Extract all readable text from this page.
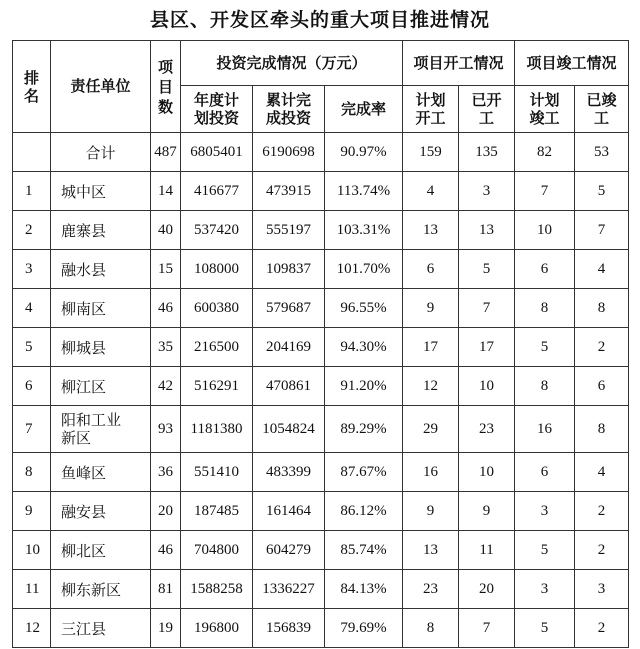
县区、开发区牵头的重大项目推进情况
排名	责任单位	项目数	投资完成情况（万元）			项目开工情况		项目竣工情况	
			年度计划投资	累计完成投资	完成率	计划开工	已开工	计划竣工	已竣工
	合计	487	6805401	6190698	90.97%	159	135	82	53
1	城中区	14	416677	473915	113.74%	4	3	7	5
2	鹿寨县	40	537420	555197	103.31%	13	13	10	7
3	融水县	15	108000	109837	101.70%	6	5	6	4
4	柳南区	46	600380	579687	96.55%	9	7	8	8
5	柳城县	35	216500	204169	94.30%	17	17	5	2
6	柳江区	42	516291	470861	91.20%	12	10	8	6
7	阳和工业新区	93	1181380	1054824	89.29%	29	23	16	8
8	鱼峰区	36	551410	483399	87.67%	16	10	6	4
9	融安县	20	187485	161464	86.12%	9	9	3	2
10	柳北区	46	704800	604279	85.74%	13	11	5	2
11	柳东新区	81	1588258	1336227	84.13%	23	20	3	3
12	三江县	19	196800	156839	79.69%	8	7	5	2
